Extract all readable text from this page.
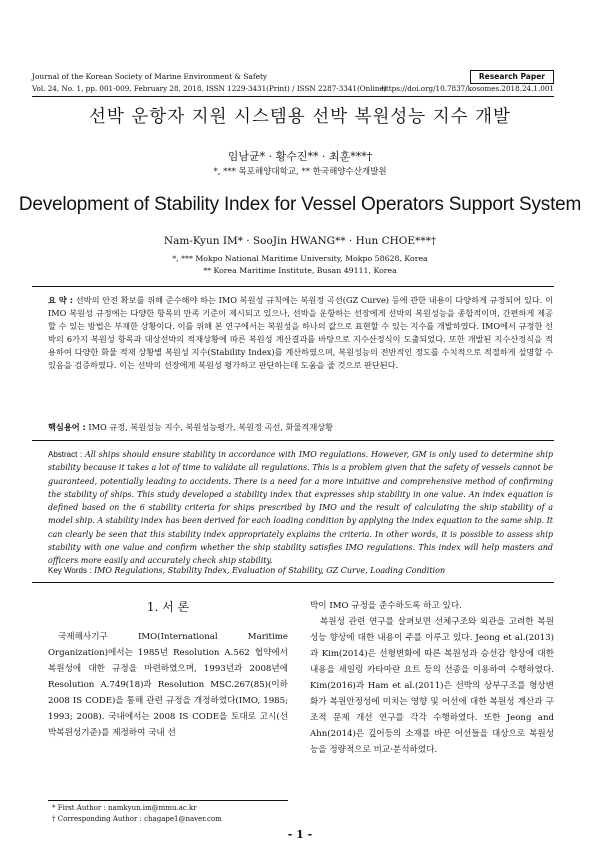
Journal of the Korean Society of Marine Environment & Safety	Research Paper
Vol. 24, No. 1, pp. 001-009, February 28, 2018, ISSN 1229-3431(Print) / ISSN 2287-3341(Online)
https://doi.org/10.7837/kosomes.2018.24.1.001
선박 운항자 지원 시스템용 선박 복원성능 지수 개발
임남균* · 황수진** · 최훈***†
*, *** 목포해양대학교, ** 한국해양수산개발원
Development of Stability Index for Vessel Operators Support System
Nam-Kyun IM* · SooJin HWANG** · Hun CHOE***†
*, *** Mokpo National Maritime University, Mokpo 58628, Korea
** Korea Maritime Institute, Busan 49111, Korea
요 약 : 선박의 안전 확보를 위해 준수해야 하는 IMO 복원성 규칙에는 복원정 곡선(GZ Curve) 등에 관한 내용이 다양하게 규정되어 있다. 이 IMO 복원성 규정에는 다양한 항목의 만족 기준이 제시되고 있으나, 선박을 운항하는 선장에게 선박의 복원성능을 종합적이며, 간편하게 제공할 수 있는 방법은 부재한 상황이다. 이를 위해 본 연구에서는 복원성을 하나의 값으로 표현할 수 있는 지수를 개발하였다. IMO에서 규정한 선박의 6가지 복원성 항목과 대상선박의 적재상황에 따른 복원성 계산결과를 바탕으로 지수산정식이 도출되었다. 또한 개발된 지수산정식을 적용하여 다양한 화물 적재 상황별 복원성 지수(Stability Index)를 계산하였으며, 복원성능의 전반적인 정도를 수치적으로 적절하게 설명할 수 있음을 검증하였다. 이는 선박의 선장에게 복원성 평가하고 판단하는데 도움을 줄 것으로 판단된다.
핵심용어 : IMO 규정, 복원성능 지수, 복원성능평가, 복원정 곡선, 화물적재상황
Abstract : All ships should ensure stability in accordance with IMO regulations. However, GM is only used to determine ship stability because it takes a lot of time to validate all regulations. This is a problem given that the safety of vessels cannot be guaranteed, potentially leading to accidents. There is a need for a more intuitive and comprehensive method of confirming the stability of ships. This study developed a stability index that expresses ship stability in one value. An index equation is defined based on the 6 stability criteria for ships prescribed by IMO and the result of calculating the ship stability of a model ship. A stability index has been derived for each loading condition by applying the index equation to the same ship. It can clearly be seen that this stability index appropriately explains the criteria. In other words, it is possible to assess ship stability with one value and confirm whether the ship stability satisfies IMO regulations. This index will help masters and officers more easily and accurately check ship stability.
Key Words : IMO Regulations, Stability Index, Evaluation of Stability, GZ Curve, Loading Condition
1. 서 론

국제해사기구 IMO(International Maritime Organization)에서는 1985년 Resolution A.562 협약에서 복원성에 대한 규정을 마련하였으며, 1993년과 2008년에 Resolution A.749(18)과 Resolution MSC.267(85)(이하 2008 IS CODE)을 통해 관련 규정을 개정하였다(IMO, 1985; 1993; 2008). 국내에서는 2008 IS CODE을 토대로 고시(선박복원성기준)를 제정하여 국내 선

박이 IMO 규정을 준수하도록 하고 있다.

복원성 관련 연구를 살펴보면 선체구조와 외관을 고려한 복원성능 향상에 대한 내용이 주를 이루고 있다. Jeong et al.(2013)과 Kim(2014)은 선형변화에 따른 복원성과 승선감 향상에 대한 내용을 세일링 카타마란 요트 등의 선종을 이용하여 수행하였다. Kim(2016)과 Ham et al.(2011)은 선박의 상부구조를 형상변화가 복원안정성에 미치는 영향 및 어선에 대한 복원성 계산과 구조적 문제 개선 연구를 각각 수행하였다. 또한 Jeong and Ahn(2014)은 깊어등의 소재를 바꾼 어선들을 대상으로 복원성능을 정량적으로 비교·분석하였다.

* First Author : namkyun.im@mmu.ac.kr
† Corresponding Author : chagape1@naver.com
- 1 -
